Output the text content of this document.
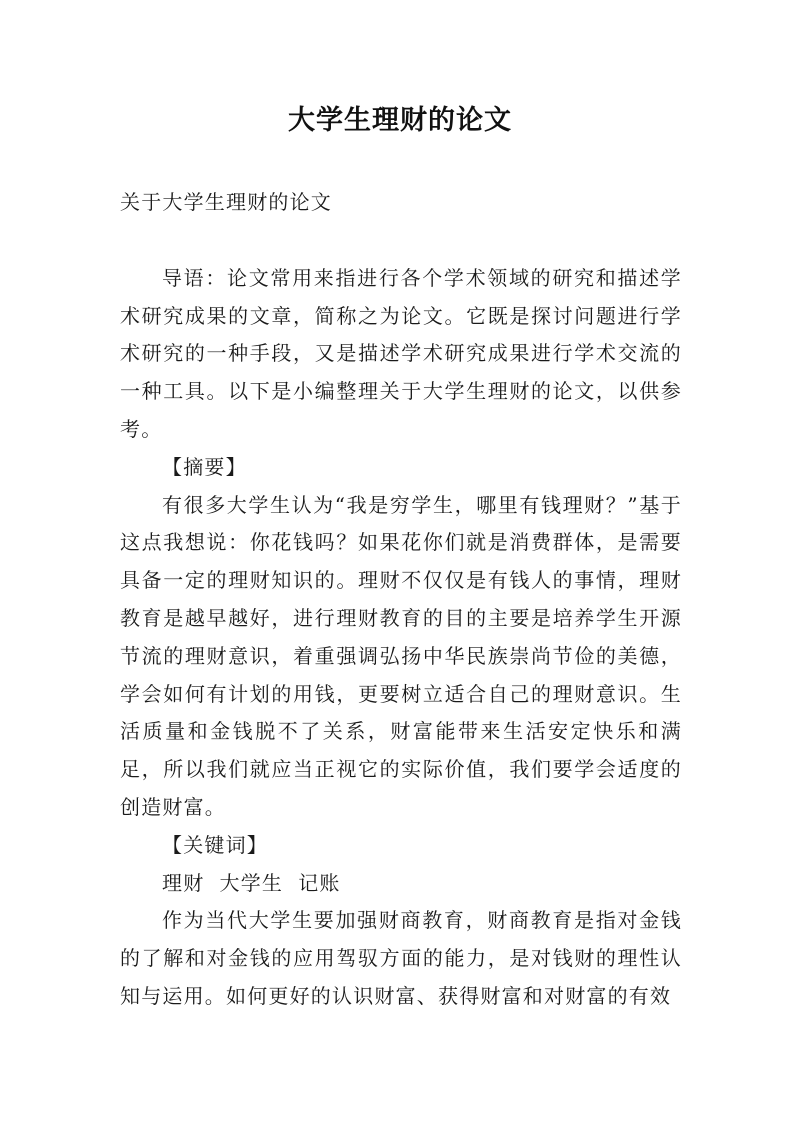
大学生理财的论文

关于大学生理财的论文

导语：论文常用来指进行各个学术领域的研究和描述学术研究成果的文章，简称之为论文。它既是探讨问题进行学术研究的一种手段，又是描述学术研究成果进行学术交流的一种工具。以下是小编整理关于大学生理财的论文，以供参考。

【摘要】

有很多大学生认为“我是穷学生，哪里有钱理财？”基于这点我想说：你花钱吗？如果花你们就是消费群体，是需要具备一定的理财知识的。理财不仅仅是有钱人的事情，理财教育是越早越好，进行理财教育的目的主要是培养学生开源节流的理财意识，着重强调弘扬中华民族崇尚节俭的美德，学会如何有计划的用钱，更要树立适合自己的理财意识。生活质量和金钱脱不了关系，财富能带来生活安定快乐和满足，所以我们就应当正视它的实际价值，我们要学会适度的创造财富。

【关键词】

理财  大学生  记账

作为当代大学生要加强财商教育，财商教育是指对金钱的了解和对金钱的应用驾驭方面的能力，是对钱财的理性认知与运用。如何更好的认识财富、获得财富和对财富的有效
